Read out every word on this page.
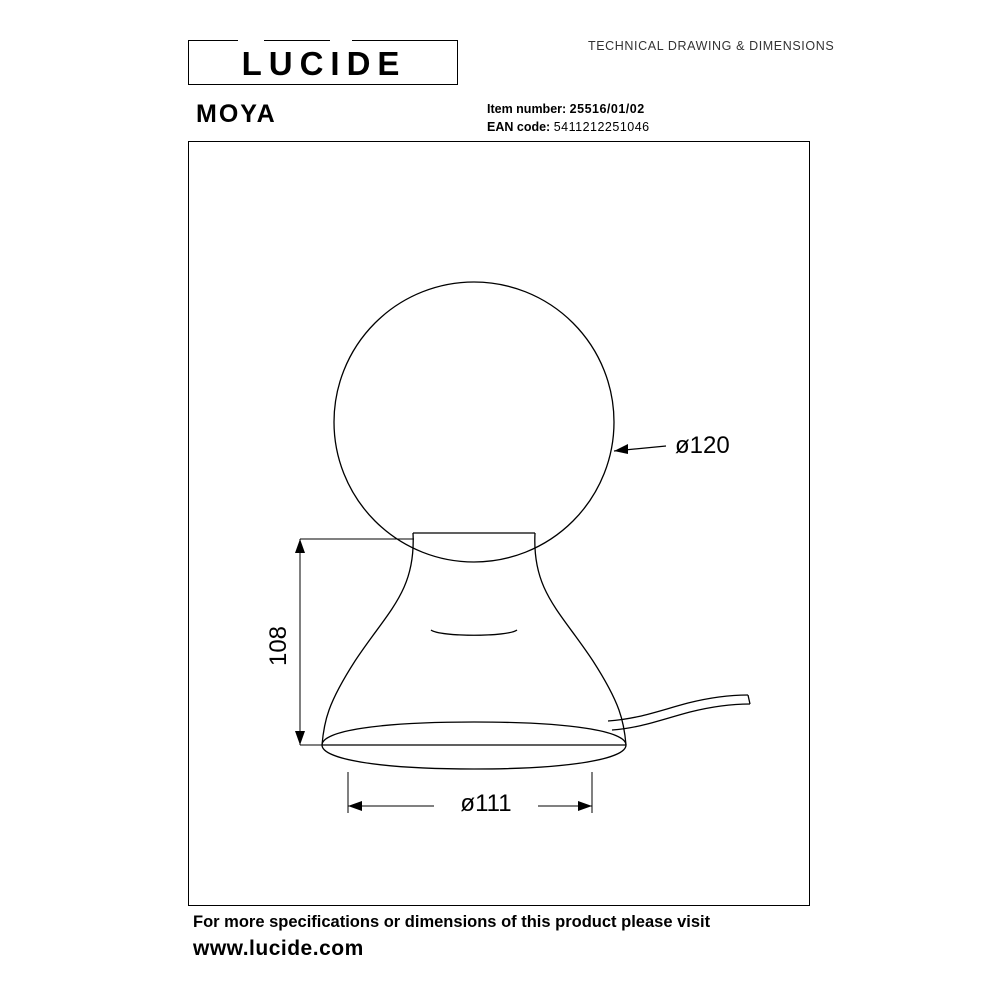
LUCIDE	TECHNICAL DRAWING & DIMENSIONS
MOYA	Item number: 25516/01/02
EAN code: 5411212251046
ø120
108
ø111
For more specifications or dimensions of this product please visit
www.lucide.com
